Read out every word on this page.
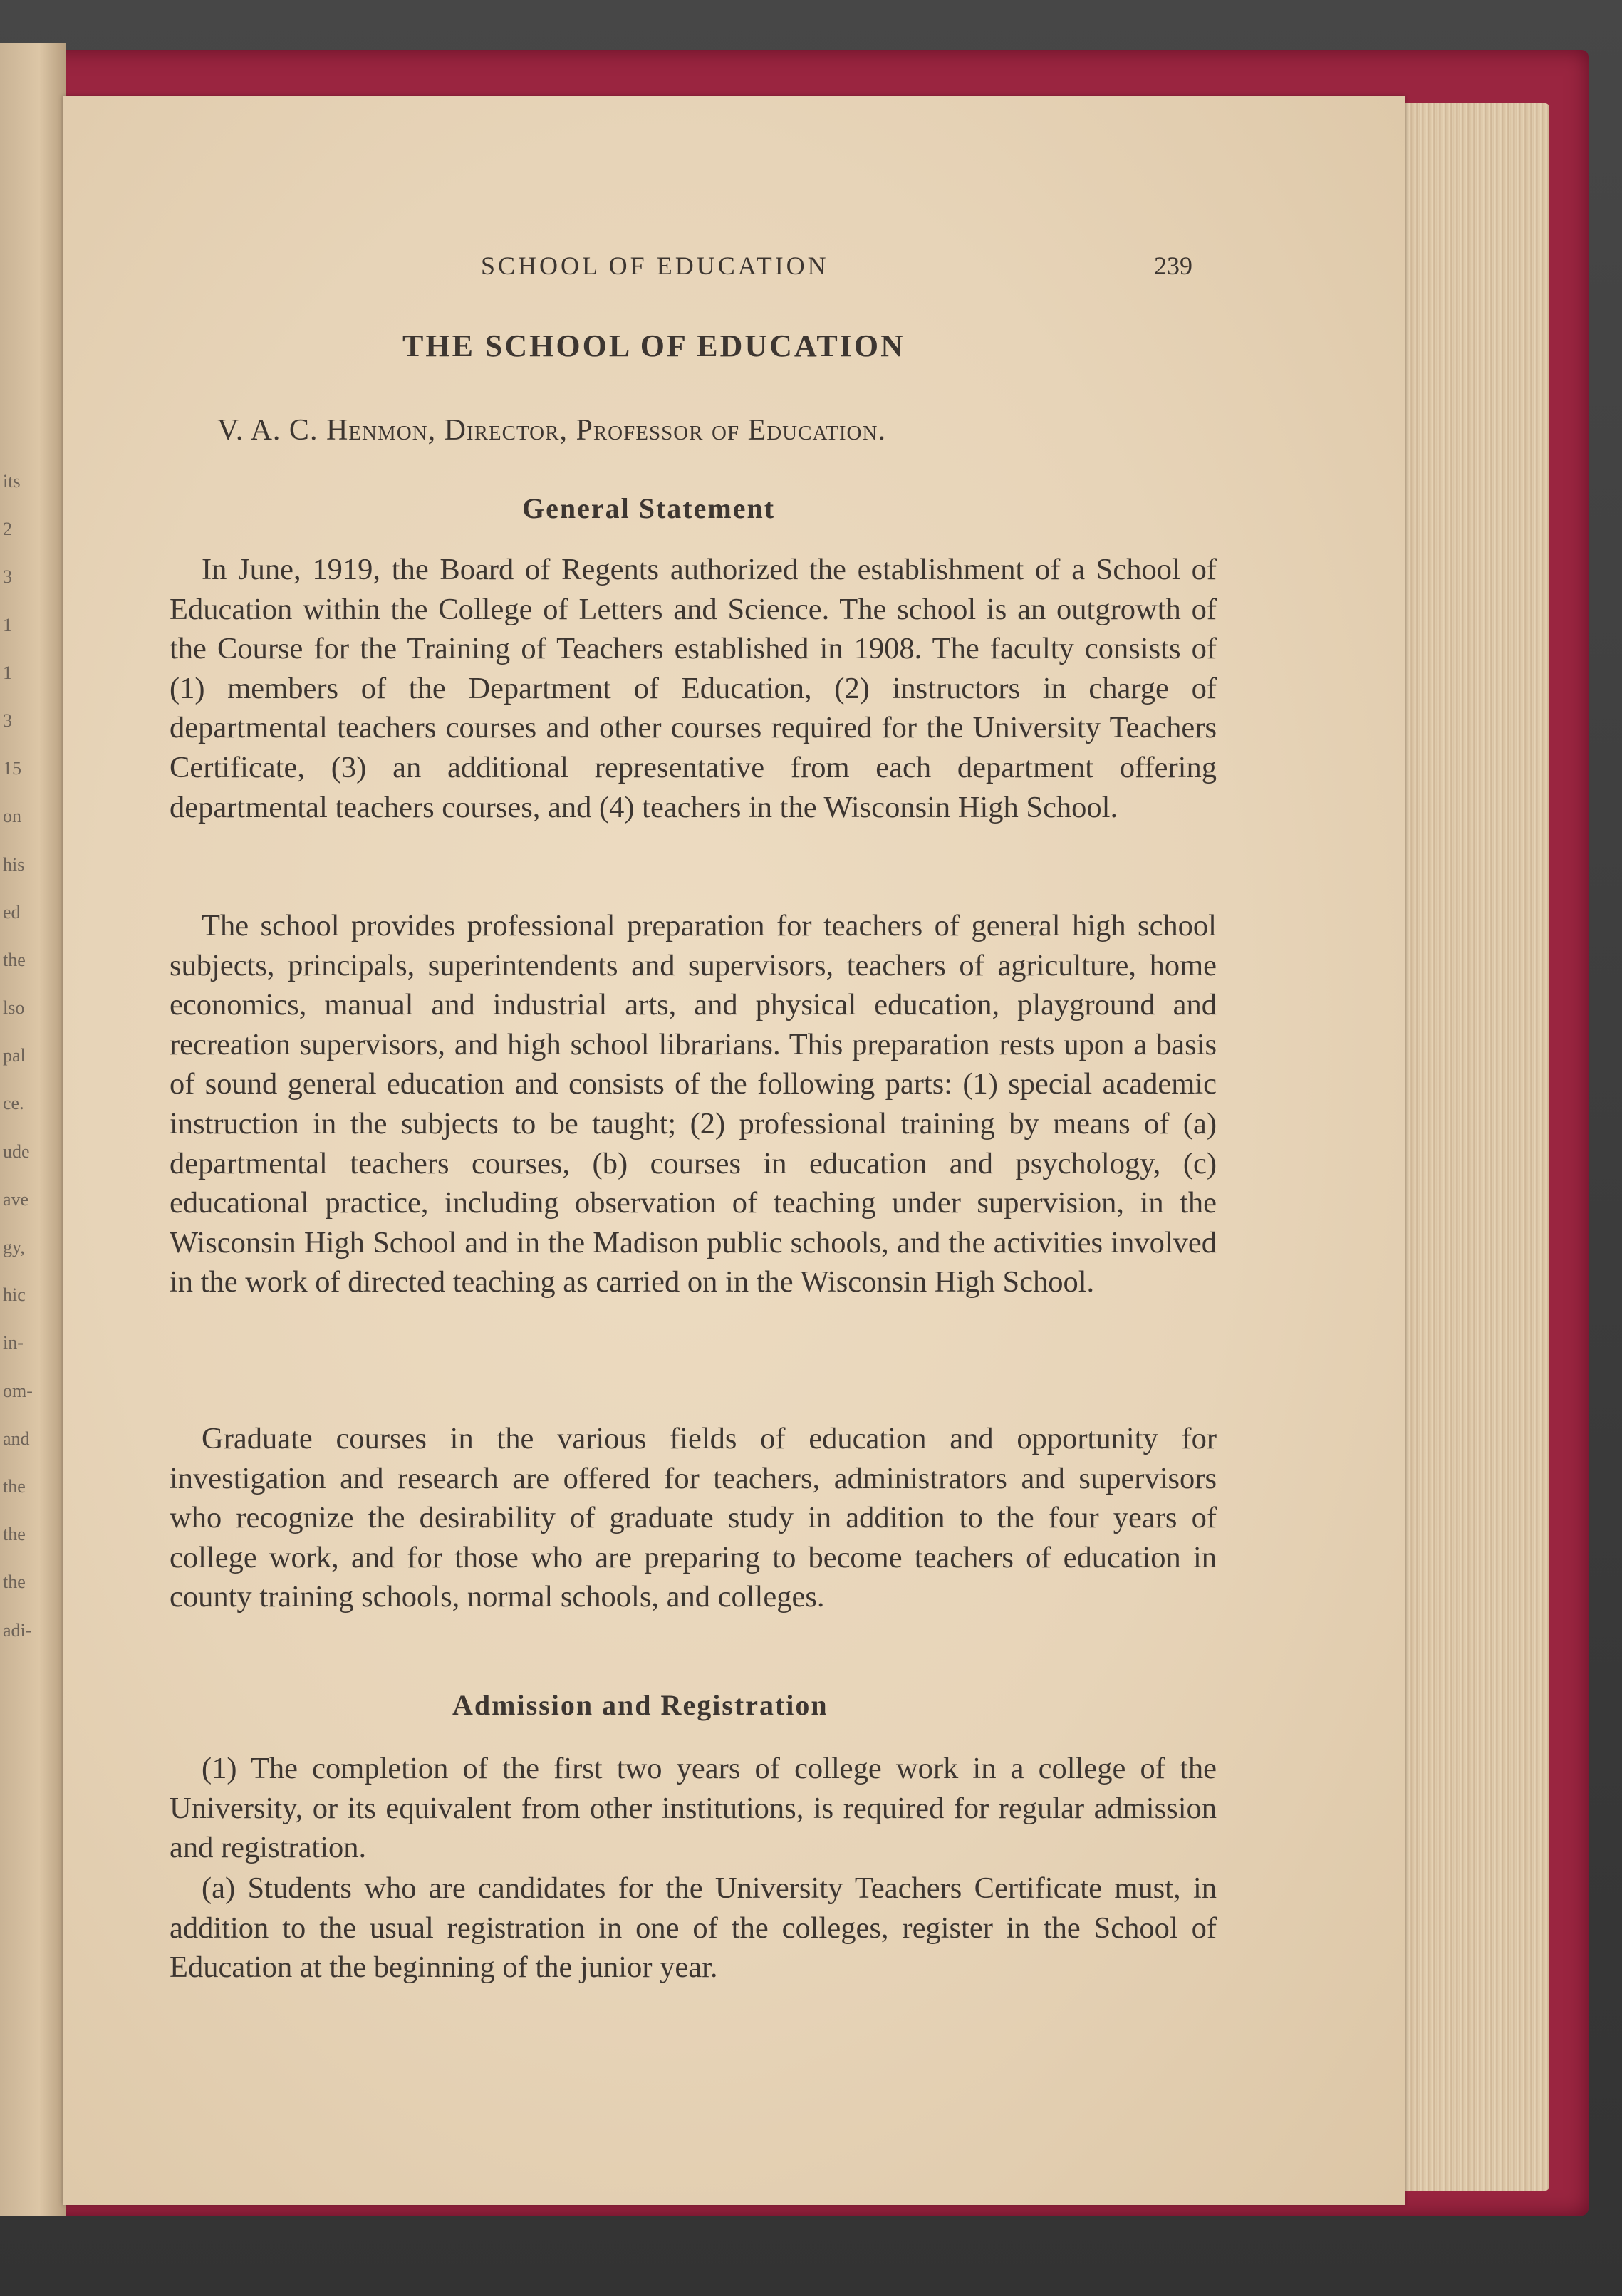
its
2
3
1
1
3
15
on
his
ed
the
lso
pal
ce.
ude
ave
gy,
hic
in-
om-
and
the
the
the
adi-
SCHOOL OF EDUCATION	239
THE SCHOOL OF EDUCATION
V. A. C. Henmon, Director, Professor of Education.
General Statement

In June, 1919, the Board of Regents authorized the establishment of a School of Education within the College of Letters and Science. The school is an outgrowth of the Course for the Training of Teachers established in 1908. The faculty consists of (1) members of the Department of Education, (2) instructors in charge of departmental teachers courses and other courses required for the University Teachers Certificate, (3) an additional representative from each department offering departmental teachers courses, and (4) teachers in the Wisconsin High School.

The school provides professional preparation for teachers of general high school subjects, principals, superintendents and supervisors, teachers of agriculture, home economics, manual and industrial arts, and physical education, playground and recreation supervisors, and high school librarians. This preparation rests upon a basis of sound general education and consists of the following parts: (1) special academic instruction in the subjects to be taught; (2) professional training by means of (a) departmental teachers courses, (b) courses in education and psychology, (c) educational practice, including observation of teaching under supervision, in the Wisconsin High School and in the Madison public schools, and the activities involved in the work of directed teaching as carried on in the Wisconsin High School.

Graduate courses in the various fields of education and opportunity for investigation and research are offered for teachers, administrators and supervisors who recognize the desirability of graduate study in addition to the four years of college work, and for those who are preparing to become teachers of education in county training schools, normal schools, and colleges.

Admission and Registration

(1) The completion of the first two years of college work in a college of the University, or its equivalent from other institutions, is required for regular admission and registration.

(a) Students who are candidates for the University Teachers Certificate must, in addition to the usual registration in one of the colleges, register in the School of Education at the beginning of the junior year.
